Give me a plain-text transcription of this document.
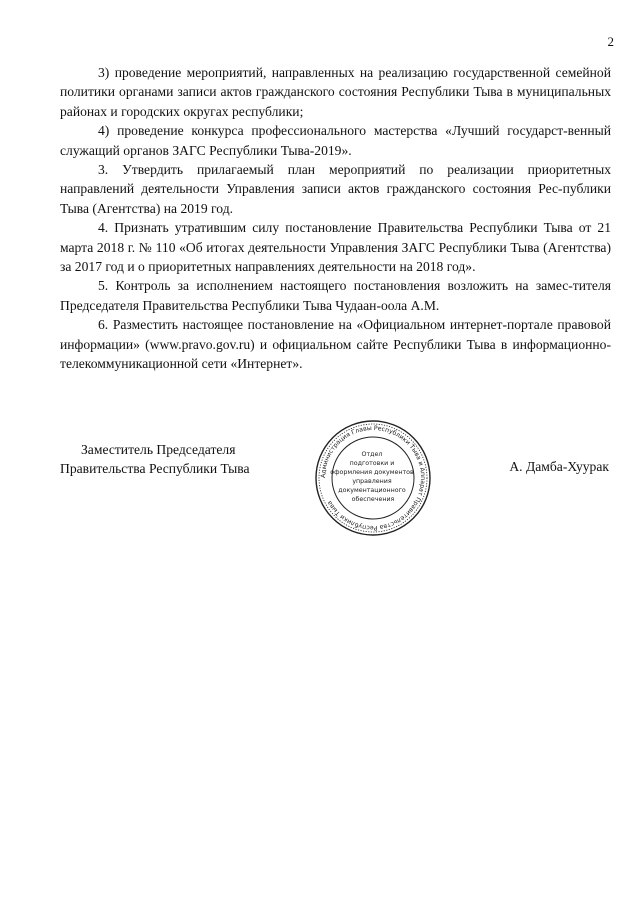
2

3) проведение мероприятий, направленных на реализацию государственной семейной политики органами записи актов гражданского состояния Республики Тыва в муниципальных районах и городских округах республики;

4) проведение конкурса профессионального мастерства «Лучший государст-венный служащий органов ЗАГС Республики Тыва-2019».

3. Утвердить прилагаемый план мероприятий по реализации приоритетных направлений деятельности Управления записи актов гражданского состояния Рес-публики Тыва (Агентства) на 2019 год.

4. Признать утратившим силу постановление Правительства Республики Тыва от 21 марта 2018 г. № 110 «Об итогах деятельности Управления ЗАГС Республики Тыва (Агентства) за 2017 год и о приоритетных направлениях деятельности на 2018 год».

5. Контроль за исполнением настоящего постановления возложить на замес-тителя Председателя Правительства Республики Тыва Чудаан-оола А.М.

6. Разместить настоящее постановление на «Официальном интернет-портале правовой информации» (www.pravo.gov.ru) и официальном сайте Республики Тыва в информационно-телекоммуникационной сети «Интернет».

Заместитель Председателя
Правительства Республики Тыва	Администрация Главы Республики Тыва и Аппарат Правительства Республики Тыва
Отдел подготовки и оформления документов управления документационного обеспечения
А. Дамба-Хуурак
